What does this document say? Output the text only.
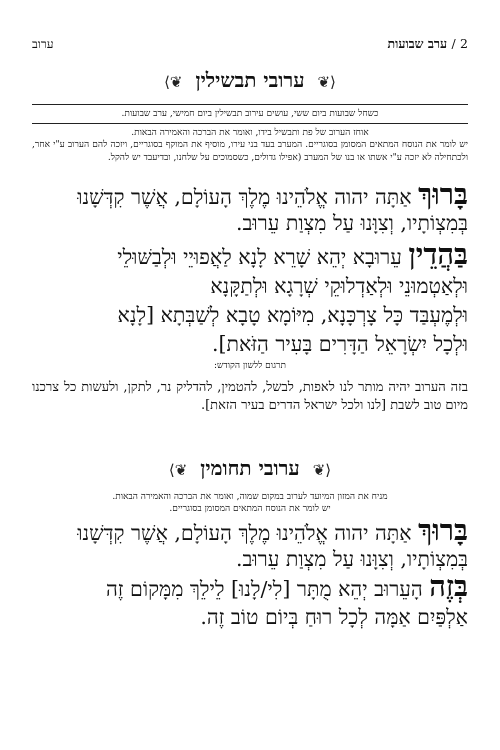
2 / ערב שבועות
ערוב
⟨❦ ערובי תבשילין ❦⟩
כשחל שבועות ביום ששי, עושים עירוב תבשילין ביום חמישי, ערב שבועות.
אוחז הערוב של פת ותבשיל בידו, ואומר את הברכה והאמירה הבאות.
יש לומר את הנוסח המתאים המסומן בסוגריים. המערב בעד בני עירו, מוסיף את המוקף בסוגריים, ויזכה להם הערוב ע"י אחר, ולכתחילה לא יזכה ע"י אשתו או בנו של המערב (אפילו גדולים, כשסמוכים על שלחנו, ובדיעבד יש להקל.
בָּרוּךְ אַתָּה יהוה אֱלֹהֵינוּ מֶלֶךְ הָעוֹלָם, אֲשֶׁר קִדְּשָׁנוּ
בְּמִצְוֹתָיו, וְצִוָּנוּ עַל מִצְוַת עֵרוּב.
בַּהֲדֵין עֵרוּבָא יְהֵא שָׁרֵא לָנָא לַאֲפוּיֵי וּלְבַשּׁוּלֵי
וּלְאַטְמוּנֵי וּלְאַדְלוּקֵי שְׁרָגָא וּלְתַקָּנָא
וּלְמֶעְבַּד כָּל צָרְכָּנָא, מִיּוֹמָא טָבָא לְשַׁבְּתָא [לָנָא
וּלְכָל יִשְׂרָאֵל הַדָּרִים בָּעִיר הַזֹּאת].
תרגום ללשון הקודש:
בזה הערוב יהיה מותר לנו לאפות, לבשל, להטמין, להדליק נר, לתקן, ולעשות כל צרכנו מיום טוב לשבת [לנו ולכל ישראל הדרים בעיר הזאת].
⟨❦ ערובי תחומין ❦⟩
מניח את המזון המיועד לערוב במקום שמוה, ואומר את הברכה והאמירה הבאות.
יש לומר את הנוסח המתאים המסומן בסוגריים.
בָּרוּךְ אַתָּה יהוה אֱלֹהֵינוּ מֶלֶךְ הָעוֹלָם, אֲשֶׁר קִדְּשָׁנוּ
בְּמִצְוֹתָיו, וְצִוָּנוּ עַל מִצְוַת עֵרוּב.
בְּזֶה הָעֵרוּב יְהֵא מֻתָּר [לִי/לָנוּ] לֵילֵךְ מִמָּקוֹם זֶה
אַלְפַּיִם אַמָּה לְכָל רוּחַ בְּיוֹם טוֹב זֶה.
